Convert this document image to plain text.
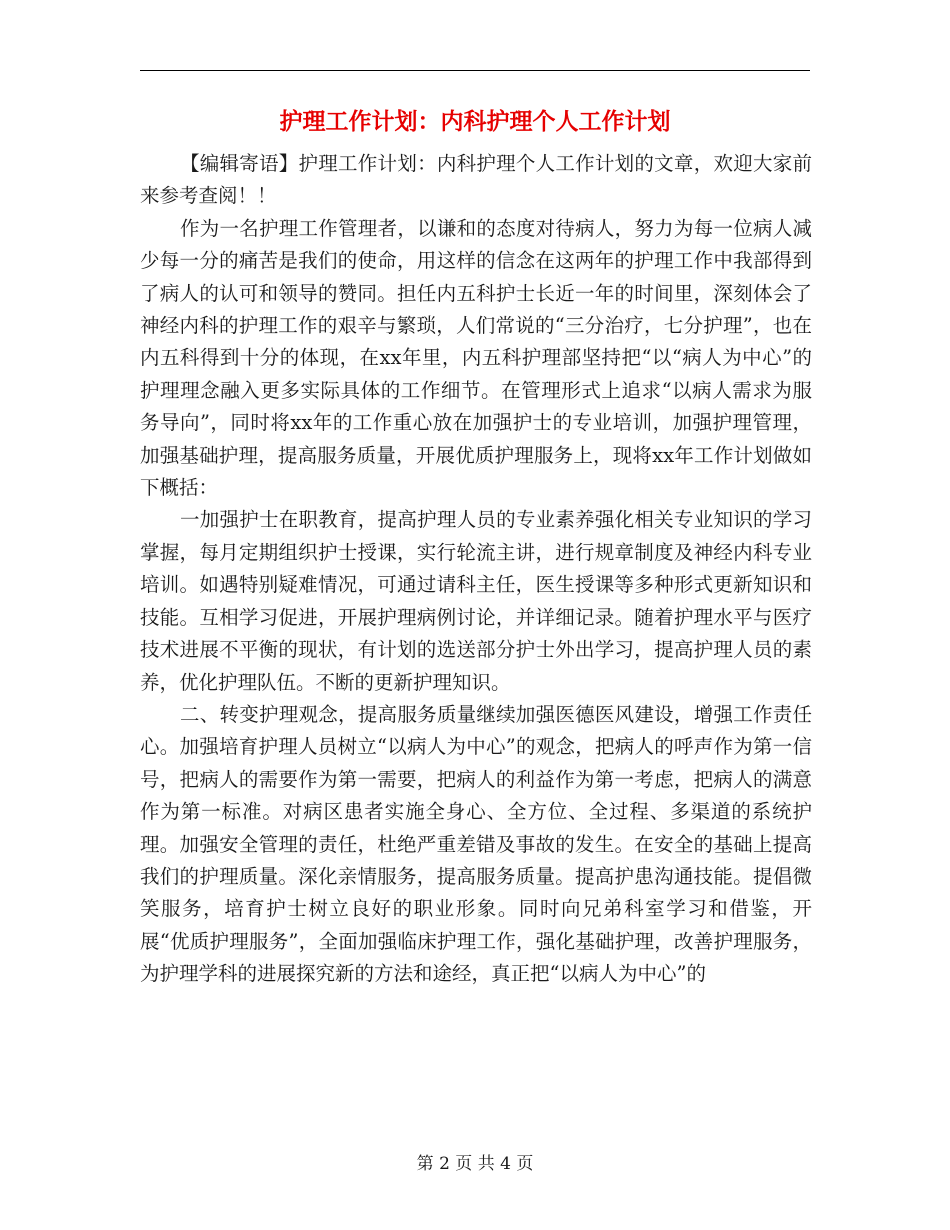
护理工作计划：内科护理个人工作计划

【编辑寄语】护理工作计划：内科护理个人工作计划的文章，欢迎大家前来参考查阅！！

作为一名护理工作管理者，以谦和的态度对待病人，努力为每一位病人减少每一分的痛苦是我们的使命，用这样的信念在这两年的护理工作中我部得到了病人的认可和领导的赞同。担任内五科护士长近一年的时间里，深刻体会了神经内科的护理工作的艰辛与繁琐，人们常说的“三分治疗，七分护理”，也在内五科得到十分的体现，在xx年里，内五科护理部坚持把“以“病人为中心”的护理理念融入更多实际具体的工作细节。在管理形式上追求“以病人需求为服务导向”，同时将xx年的工作重心放在加强护士的专业培训，加强护理管理，加强基础护理，提高服务质量，开展优质护理服务上，现将xx年工作计划做如下概括：

一加强护士在职教育，提高护理人员的专业素养强化相关专业知识的学习掌握，每月定期组织护士授课，实行轮流主讲，进行规章制度及神经内科专业培训。如遇特别疑难情况，可通过请科主任，医生授课等多种形式更新知识和技能。互相学习促进，开展护理病例讨论，并详细记录。随着护理水平与医疗技术进展不平衡的现状，有计划的选送部分护士外出学习，提高护理人员的素养，优化护理队伍。不断的更新护理知识。

二、转变护理观念，提高服务质量继续加强医德医风建设，增强工作责任心。加强培育护理人员树立“以病人为中心”的观念，把病人的呼声作为第一信号，把病人的需要作为第一需要，把病人的利益作为第一考虑，把病人的满意作为第一标准。对病区患者实施全身心、全方位、全过程、多渠道的系统护理。加强安全管理的责任，杜绝严重差错及事故的发生。在安全的基础上提高我们的护理质量。深化亲情服务，提高服务质量。提高护患沟通技能。提倡微笑服务，培育护士树立良好的职业形象。同时向兄弟科室学习和借鉴，开展“优质护理服务”，全面加强临床护理工作，强化基础护理，改善护理服务，为护理学科的进展探究新的方法和途经，真正把“以病人为中心”的

第 2 页 共 4 页
